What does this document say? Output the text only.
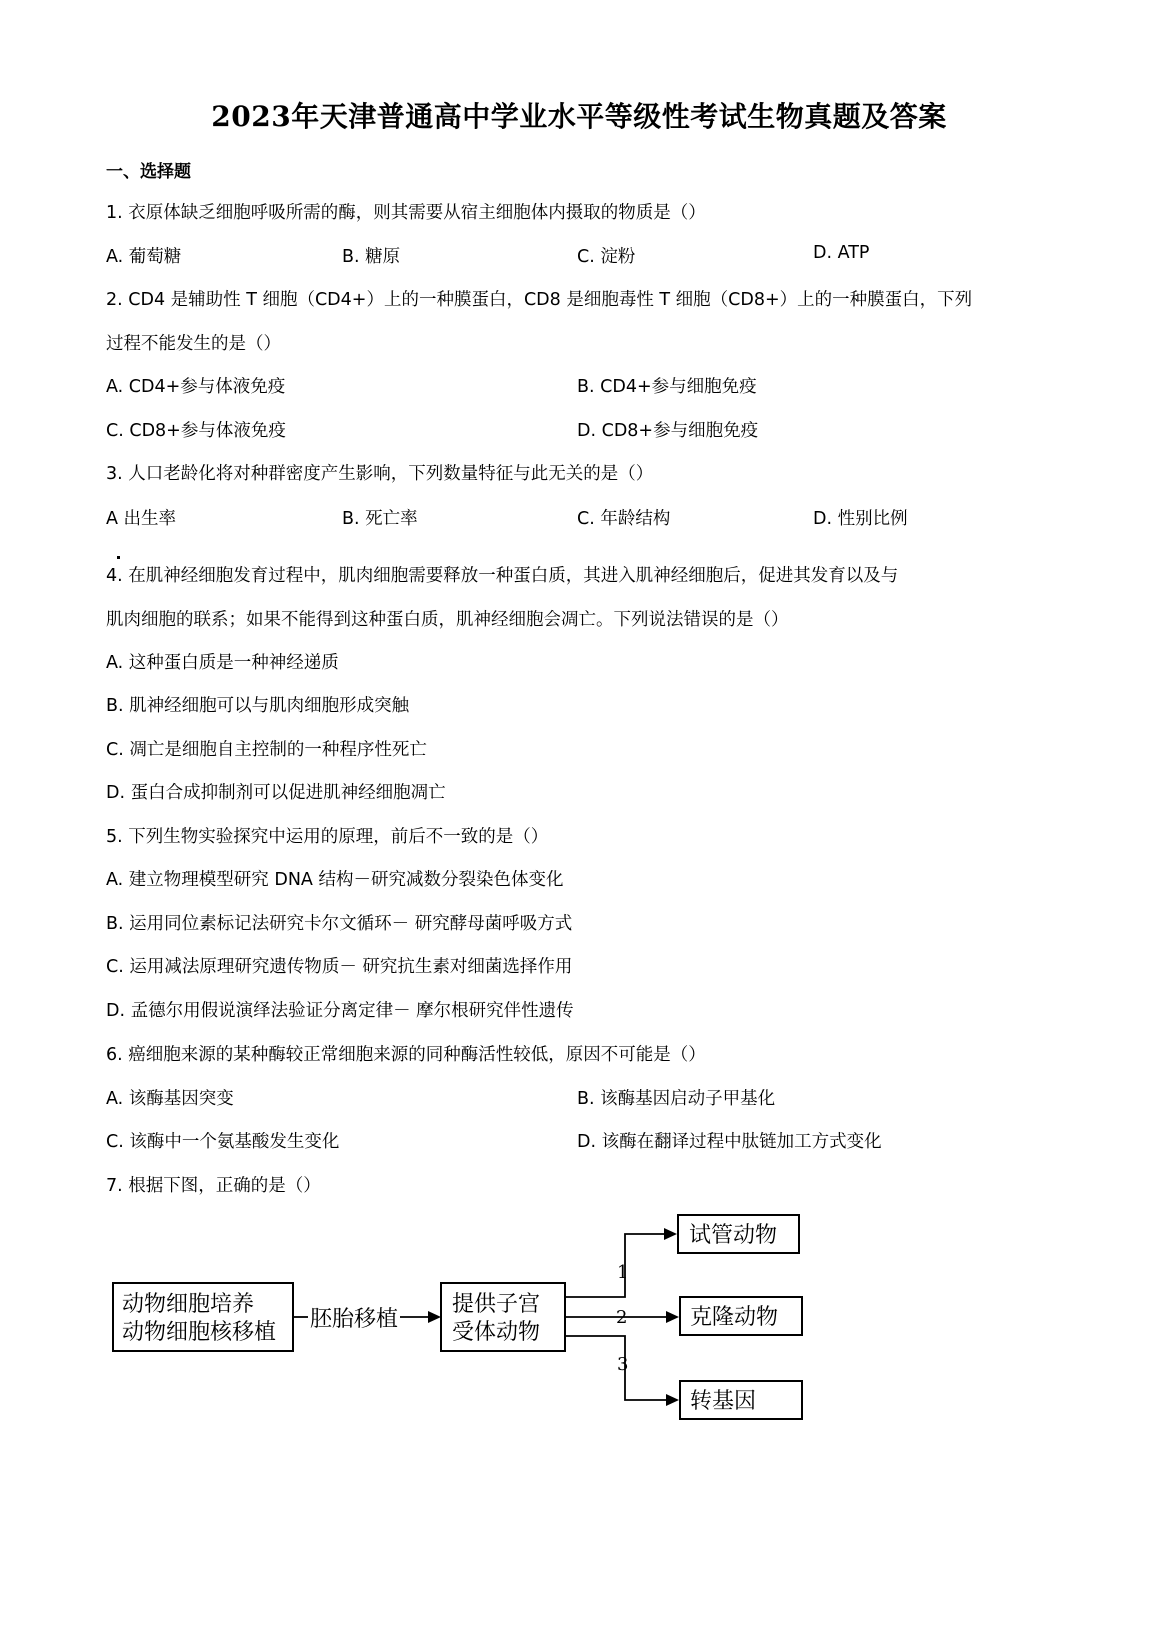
2023年天津普通高中学业水平等级性考试生物真题及答案
一、选择题
1. 衣原体缺乏细胞呼吸所需的酶，则其需要从宿主细胞体内摄取的物质是（）
A. 葡萄糖	B. 糖原	C. 淀粉	D. ATP
2. CD4 是辅助性 T 细胞（CD4+）上的一种膜蛋白，CD8 是细胞毒性 T 细胞（CD8+）上的一种膜蛋白，下列
过程不能发生的是（）
A. CD4+参与体液免疫	B. CD4+参与细胞免疫
C. CD8+参与体液免疫	D. CD8+参与细胞免疫
3. 人口老龄化将对种群密度产生影响，下列数量特征与此无关的是（）
A 出生率	B. 死亡率	C. 年龄结构	D. 性别比例
4. 在肌神经细胞发育过程中，肌肉细胞需要释放一种蛋白质，其进入肌神经细胞后，促进其发育以及与
肌肉细胞的联系；如果不能得到这种蛋白质，肌神经细胞会凋亡。下列说法错误的是（）
A. 这种蛋白质是一种神经递质
B. 肌神经细胞可以与肌肉细胞形成突触
C. 凋亡是细胞自主控制的一种程序性死亡
D. 蛋白合成抑制剂可以促进肌神经细胞凋亡
5. 下列生物实验探究中运用的原理，前后不一致的是（）
A. 建立物理模型研究 DNA 结构－研究减数分裂染色体变化
B. 运用同位素标记法研究卡尔文循环－ 研究酵母菌呼吸方式
C. 运用减法原理研究遗传物质－ 研究抗生素对细菌选择作用
D. 孟德尔用假说演绎法验证分离定律－ 摩尔根研究伴性遗传
6. 癌细胞来源的某种酶较正常细胞来源的同种酶活性较低，原因不可能是（）
A. 该酶基因突变	B. 该酶基因启动子甲基化
C. 该酶中一个氨基酸发生变化	D. 该酶在翻译过程中肽链加工方式变化
7. 根据下图，正确的是（）
动物细胞培养
动物细胞核移植
胚胎移植
提供子宫
受体动物
1
2
3
试管动物
克隆动物
转基因
